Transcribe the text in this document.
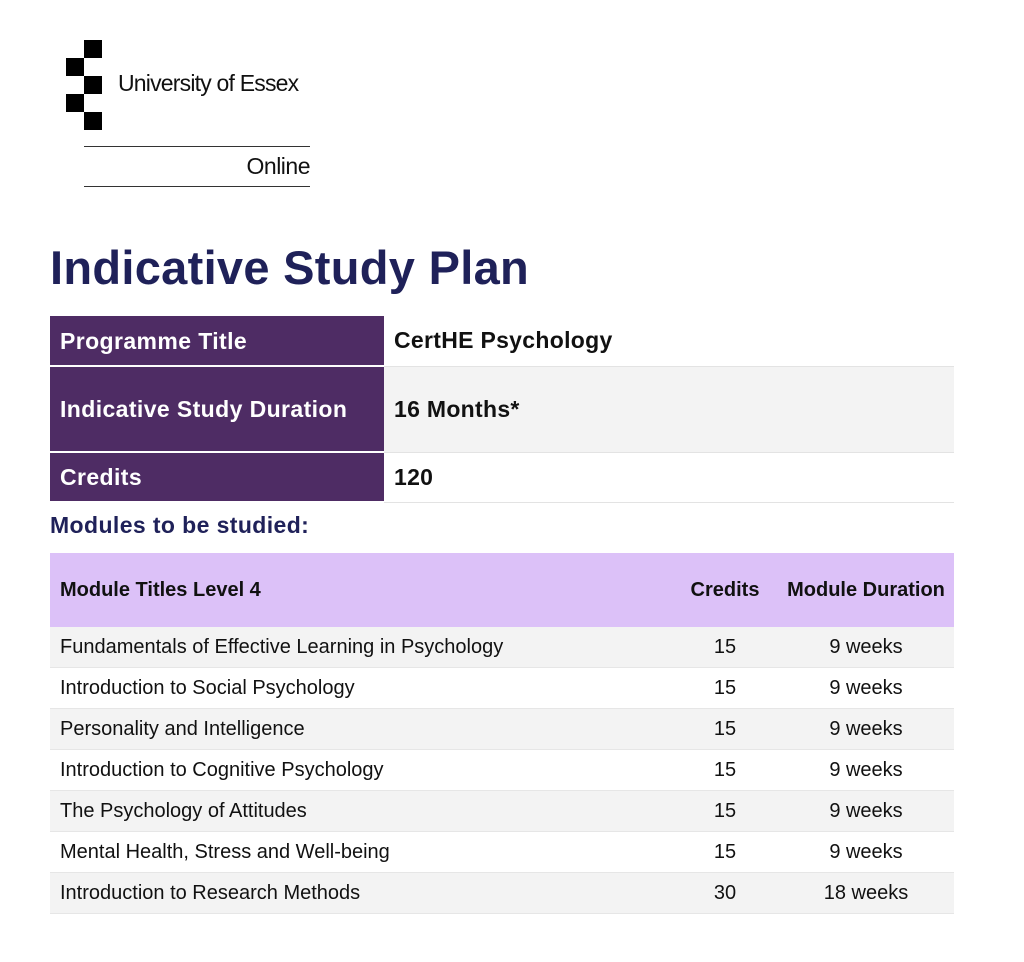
University of Essex
Online
Indicative Study Plan
Programme Title	CertHE Psychology
Indicative Study Duration	16 Months*
Credits	120
Modules to be studied:
Module Titles Level 4	Credits	Module Duration
Fundamentals of Effective Learning in Psychology	15	9 weeks
Introduction to Social Psychology	15	9 weeks
Personality and Intelligence	15	9 weeks
Introduction to Cognitive Psychology	15	9 weeks
The Psychology of Attitudes	15	9 weeks
Mental Health, Stress and Well-being	15	9 weeks
Introduction to Research Methods	30	18 weeks
